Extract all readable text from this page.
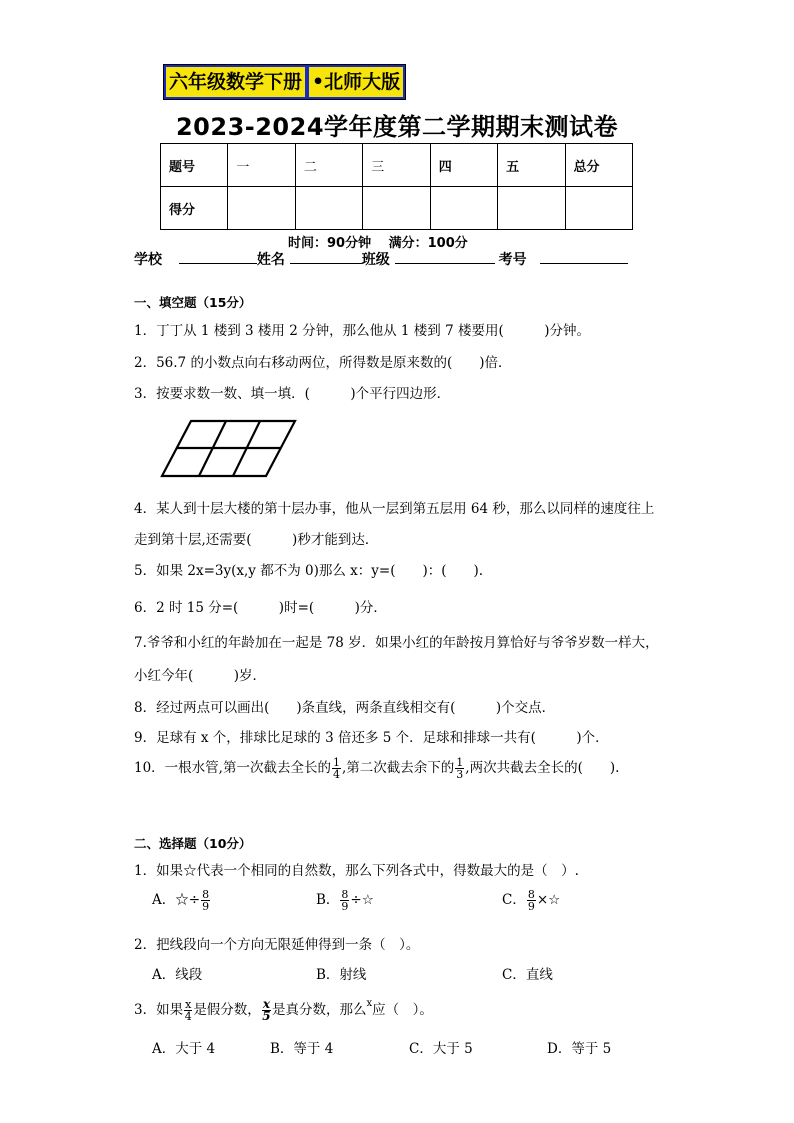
六年级数学下册 •北师大版
2023-2024学年度第二学期期末测试卷
题号	一	二	三	四	五	总分
得分						
时间：90分钟　 满分：100分
学校	姓名	班级	考号
一、填空题（15分）
1．丁丁从 1 楼到 3 楼用 2 分钟，那么他从 1 楼到 7 楼要用(　　　)分钟。
2．56.7 的小数点向右移动两位，所得数是原来数的(　　)倍．
3．按要求数一数、填一填．(　　　)个平行四边形．
4．某人到十层大楼的第十层办事，他从一层到第五层用 64 秒，那么以同样的速度往上
走到第十层,还需要(　　　)秒才能到达．
5．如果 2x=3y(x,y 都不为 0)那么 x：y=(　　)：(　　).
6．2 时 15 分=(　　　)时=(　　　)分．
7.爷爷和小红的年龄加在一起是 78 岁．如果小红的年龄按月算恰好与爷爷岁数一样大，
小红今年(　　　)岁．
8．经过两点可以画出(　　)条直线，两条直线相交有(　　　)个交点．
9．足球有 x 个，排球比足球的 3 倍还多 5 个．足球和排球一共有(　　　)个．
10．一根水管,第一次截去全长的 $\frac{1}{4}$ ,第二次截去余下的 $\frac{1}{3}$ ,两次共截去全长的(　　).
二、选择题（10分）
1．如果☆代表一个相同的自然数，那么下列各式中，得数最大的是（　）.
A．☆÷ $\frac{8}{9}$	B． $\frac{8}{9}$ ÷☆	C． $\frac{8}{9}$ ×☆
2．把线段向一个方向无限延伸得到一条（　）。
A．线段	B．射线	C．直线
3．如果 $\frac{x}{4}$ 是假分数， $\frac{x}{5}$ 是真分数，那么$^x$应（　）。
A．大于 4	B．等于 4	C．大于 5	D．等于 5
